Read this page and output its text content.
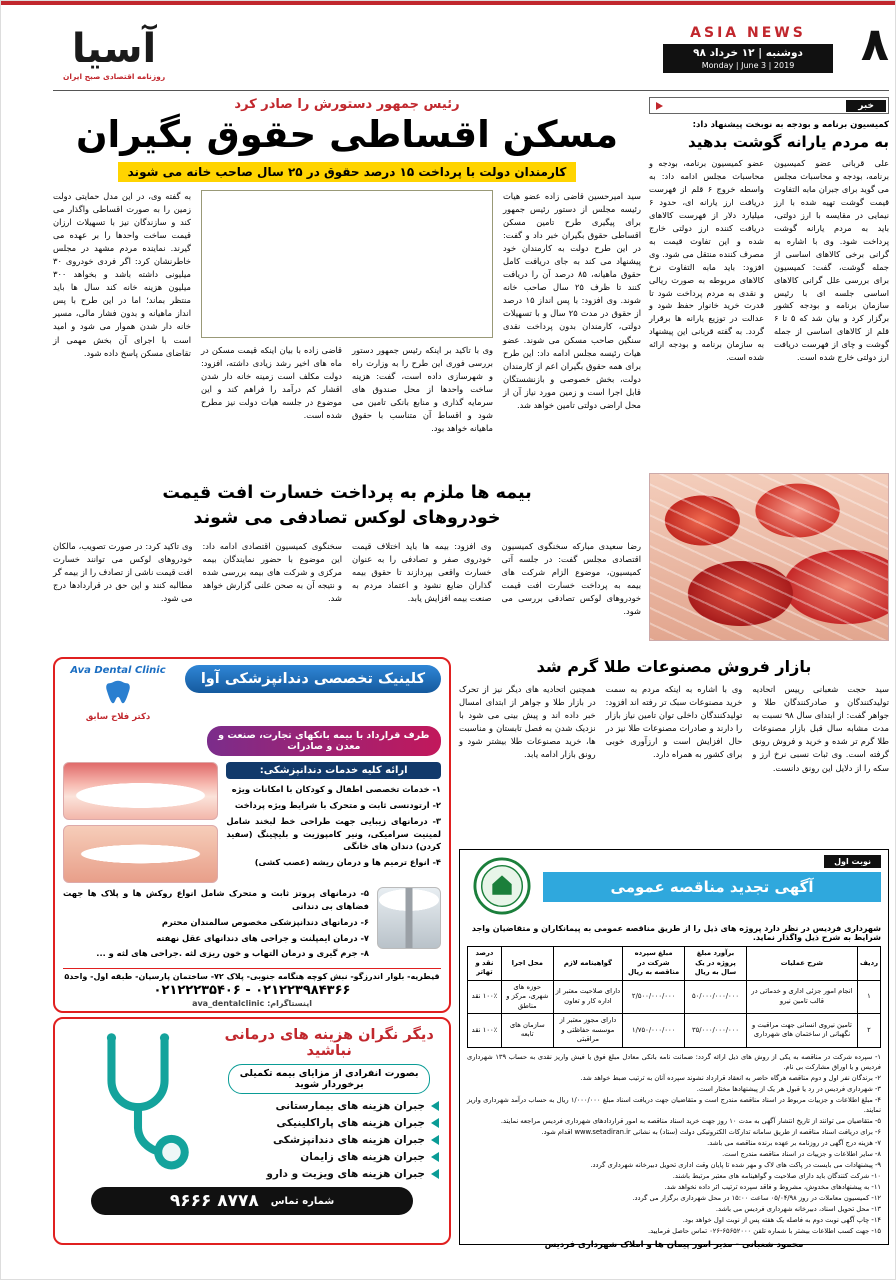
۸
ASIA NEWS
دوشنبه | ۱۲ خرداد ۹۸
Monday | June 3 | 2019
آسیا
روزنامه اقتصادی صبح ایران
خبر
کمیسیون برنامه و بودجه به نوبخت پیشنهاد داد:
به مردم یارانه گوشت بدهید
علی قربانی عضو کمیسیون برنامه، بودجه و محاسبات مجلس می گوید برای جبران مابه التفاوت قیمت گوشت تهیه شده با ارز نیمایی در مقایسه با ارز دولتی، باید به مردم یارانه گوشت پرداخت شود. وی با اشاره به گرانی برخی کالاهای اساسی از جمله گوشت، گفت: کمیسیون برای بررسی علل گرانی کالاهای اساسی جلسه ای با رئیس سازمان برنامه و بودجه کشور برگزار کرد و بیان شد که ۵ تا ۶ قلم از کالاهای اساسی از جمله گوشت و چای از فهرست دریافت ارز دولتی خارج شده است.
عضو کمیسیون برنامه، بودجه و محاسبات مجلس ادامه داد: به واسطه خروج ۶ قلم از فهرست دریافت ارز یارانه ای، حدود ۶ میلیارد دلار از فهرست کالاهای دریافت کننده ارز دولتی خارج شده و این تفاوت قیمت به مصرف کننده منتقل می شود. وی افزود: باید مابه التفاوت نرخ کالاهای مربوطه به صورت ریالی و نقدی به مردم پرداخت شود تا قدرت خرید خانوار حفظ شود و عدالت در توزیع یارانه ها برقرار گردد. به گفته قربانی این پیشنهاد به سازمان برنامه و بودجه ارائه شده است.
رئیس جمهور دستورش را صادر کرد
مسکن اقساطی حقوق بگیران
کارمندان دولت با پرداخت ۱۵ درصد حقوق در ۲۵ سال صاحب خانه می شوند
سید امیرحسین قاضی زاده عضو هیات رئیسه مجلس از دستور رئیس جمهور برای پیگیری طرح تامین مسکن اقساطی حقوق بگیران خبر داد و گفت: در این طرح دولت به کارمندان خود پیشنهاد می کند به جای دریافت کامل حقوق ماهیانه، ۸۵ درصد آن را دریافت کنند تا ظرف ۲۵ سال صاحب خانه شوند. وی افزود: با پس انداز ۱۵ درصد از حقوق در مدت ۲۵ سال و با تسهیلات دولتی، کارمندان بدون پرداخت نقدی سنگین صاحب مسکن می شوند. عضو هیات رئیسه مجلس ادامه داد: این طرح برای همه حقوق بگیران اعم از کارمندان دولت، بخش خصوصی و بازنشستگان قابل اجرا است و زمین مورد نیاز آن از محل اراضی دولتی تامین خواهد شد.
وی با تاکید بر اینکه رئیس جمهور دستور بررسی فوری این طرح را به وزارت راه و شهرسازی داده است، گفت: هزینه ساخت واحدها از محل صندوق های سرمایه گذاری و منابع بانکی تامین می شود و اقساط آن متناسب با حقوق ماهیانه خواهد بود.
قاضی زاده با بیان اینکه قیمت مسکن در ماه های اخیر رشد زیادی داشته، افزود: دولت مکلف است زمینه خانه دار شدن اقشار کم درآمد را فراهم کند و این موضوع در جلسه هیات دولت نیز مطرح شده است.
به گفته وی، در این مدل حمایتی دولت زمین را به صورت اقساطی واگذار می کند و سازندگان نیز با تسهیلات ارزان قیمت ساخت واحدها را بر عهده می گیرند. نماینده مردم مشهد در مجلس خاطرنشان کرد: اگر فردی خودروی ۳۰ میلیونی داشته باشد و بخواهد ۳۰۰ میلیون هزینه خانه کند سال ها باید منتظر بماند؛ اما در این طرح با پس انداز ماهیانه و بدون فشار مالی، مسیر خانه دار شدن هموار می شود و امید است با اجرای آن بخش مهمی از تقاضای مسکن پاسخ داده شود.
بیمه ها ملزم به پرداخت خسارت افت قیمت
خودروهای لوکس تصادفی می شوند
رضا سعیدی مبارکه سخنگوی کمیسیون اقتصادی مجلس گفت: در جلسه آتی کمیسیون، موضوع الزام شرکت های بیمه به پرداخت خسارت افت قیمت خودروهای لوکس تصادفی بررسی می شود.
وی افزود: بیمه ها باید اختلاف قیمت خودروی صفر و تصادفی را به عنوان خسارت واقعی بپردازند تا حقوق بیمه گذاران ضایع نشود و اعتماد مردم به صنعت بیمه افزایش یابد.
سخنگوی کمیسیون اقتصادی ادامه داد: این موضوع با حضور نمایندگان بیمه مرکزی و شرکت های بیمه بررسی شده و نتیجه آن به صحن علنی گزارش خواهد شد.
وی تاکید کرد: در صورت تصویب، مالکان خودروهای لوکس می توانند خسارت افت قیمت ناشی از تصادف را از بیمه گر مطالبه کنند و این حق در قراردادها درج می شود.
بازار فروش مصنوعات طلا گرم شد
سید حجت شعبانی رییس اتحادیه تولیدکنندگان و صادرکنندگان طلا و جواهر گفت: از ابتدای سال ۹۸ نسبت به مدت مشابه سال قبل بازار مصنوعات طلا گرم تر شده و خرید و فروش رونق گرفته است. وی ثبات نسبی نرخ ارز و سکه را از دلایل این رونق دانست.
وی با اشاره به اینکه مردم به سمت خرید مصنوعات سبک تر رفته اند افزود: تولیدکنندگان داخلی توان تامین نیاز بازار را دارند و صادرات مصنوعات طلا نیز در حال افزایش است و ارزآوری خوبی برای کشور به همراه دارد.
همچنین اتحادیه های دیگر نیز از تحرک در بازار طلا و جواهر از ابتدای امسال خبر داده اند و پیش بینی می شود با نزدیک شدن به فصل تابستان و مناسبت ها، خرید مصنوعات طلا بیشتر شود و رونق بازار ادامه یابد.
نوبت اول
آگهی تجدید مناقصه عمومی
شهرداری فردیس در نظر دارد پروژه های ذیل را از طریق مناقصه عمومی به پیمانکاران و متقاضیان واجد شرایط به شرح ذیل واگذار نماید.
ردیف	شرح عملیات	برآورد مبلغ پروژه در یک سال به ریال	مبلغ سپرده شرکت در مناقصه به ریال	گواهینامه لازم	محل اجرا	درصد نقد و تهاتر
۱	انجام امور جزئی اداری و خدماتی در قالب تامین نیرو	۵۰/۰۰۰/۰۰۰/۰۰۰	۲/۵۰۰/۰۰۰/۰۰۰	دارای صلاحیت معتبر از اداره کار و تعاون	حوزه های شهری، مرکز و مناطق	۱۰۰٪ نقد
۲	تامین نیروی انسانی جهت مراقبت و نگهبانی از ساختمان های شهرداری	۳۵/۰۰۰/۰۰۰/۰۰۰	۱/۷۵۰/۰۰۰/۰۰۰	دارای مجوز معتبر از موسسه حفاظتی و مراقبتی	سازمان های تابعه	۱۰۰٪ نقد
۱- سپرده شرکت در مناقصه به یکی از روش های ذیل ارائه گردد: ضمانت نامه بانکی معادل مبلغ فوق یا فیش واریز نقدی به حساب ۱۳۹ شهرداری فردیس و یا اوراق مشارکت بی نام.
۲- برندگان نفر اول و دوم مناقصه هرگاه حاضر به انعقاد قرارداد نشوند سپرده آنان به ترتیب ضبط خواهد شد.
۳- شهرداری فردیس در رد یا قبول هر یک از پیشنهادها مختار است.
۴- مبلغ اطلاعات و جزییات مربوط در اسناد مناقصه مندرج است و متقاضیان جهت دریافت اسناد مبلغ ۱/۰۰۰/۰۰۰ ریال به حساب درآمد شهرداری واریز نمایند.
۵- متقاضیان می توانند از تاریخ انتشار آگهی به مدت ۱۰ روز جهت خرید اسناد مناقصه به امور قراردادهای شهرداری فردیس مراجعه نمایند.
۶- برای دریافت اسناد مناقصه از طریق سامانه تدارکات الکترونیکی دولت (ستاد) به نشانی www.setadiran.ir اقدام شود.
۷- هزینه درج آگهی در روزنامه بر عهده برنده مناقصه می باشد.
۸- سایر اطلاعات و جزییات در اسناد مناقصه مندرج است.
۹- پیشنهادات می بایست در پاکت های لاک و مهر شده تا پایان وقت اداری تحویل دبیرخانه شهرداری گردد.
۱۰- شرکت کنندگان باید دارای صلاحیت و گواهینامه های معتبر مرتبط باشند.
۱۱- به پیشنهادهای مخدوش، مشروط و فاقد سپرده ترتیب اثر داده نخواهد شد.
۱۲- کمیسیون معاملات در روز ۰۵/۰۴/۹۸ ساعت ۱۵:۰۰ در محل شهرداری برگزار می گردد.
۱۳- محل تحویل اسناد، دبیرخانه شهرداری فردیس می باشد.
۱۴- چاپ آگهی نوبت دوم به فاصله یک هفته پس از نوبت اول خواهد بود.
۱۵- جهت کسب اطلاعات بیشتر با شماره تلفن ۶۵۶۵۲۰۰۰-۰۲۶ تماس حاصل فرمایید.
محمود شعبانی - مدیر امور پیمان ها و املاک شهرداری فردیس
کلینیک تخصصی دندانپزشکی آوا
Ava Dental Clinic
دکتر فلاح سابق
طرف قرارداد با بیمه بانکهای تجارت، صنعت و معدن و صادرات
ارائه کلیه خدمات دندانپزشکی:
۱- خدمات تخصصی اطفال و کودکان با امکانات ویژه
۲- ارتودنسی ثابت و متحرک با شرایط ویژه پرداخت
۳- درمانهای زیبایی جهت طراحی خط لبخند شامل لمینیت سرامیکی، ونیر کامپوزیت و بلیچینگ (سفید کردن) دندان های خانگی
۴- انواع ترمیم ها و درمان ریشه (عصب کشی)
۵- درمانهای پروتز ثابت و متحرک شامل انواع روکش ها و پلاک ها جهت فضاهای بی دندانی
۶- درمانهای دندانپزشکی مخصوص سالمندان محترم
۷- درمان ایمپلنت و جراحی های دندانهای عقل نهفته
۸- جرم گیری و درمان التهاب و خون ریزی لثه .جراحی های لثه و ...
قیطریه- بلوار اندرزگو- نبش کوچه هنگامه جنوبی- پلاک ۷۲- ساختمان پارسیان- طبقه اول- واحد۵
۰۲۱۲۲۲۳۵۴۰۶ - ۰۲۱۲۲۳۹۸۴۳۶۶
اینستاگرام: ava_dentalclinic
دیگر نگران هزینه های درمانی نباشید
بصورت انفرادی از مزایای بیمه تکمیلی برخوردار شوید
جبران هزینه های بیمارستانی
جبران هزینه های پاراکلینیکی
جبران هزینه های دندانپزشکی
جبران هزینه های زایمان
جبران هزینه های ویزیت و دارو
شماره تماس
۹۶۶۶ ۸۷۷۸
